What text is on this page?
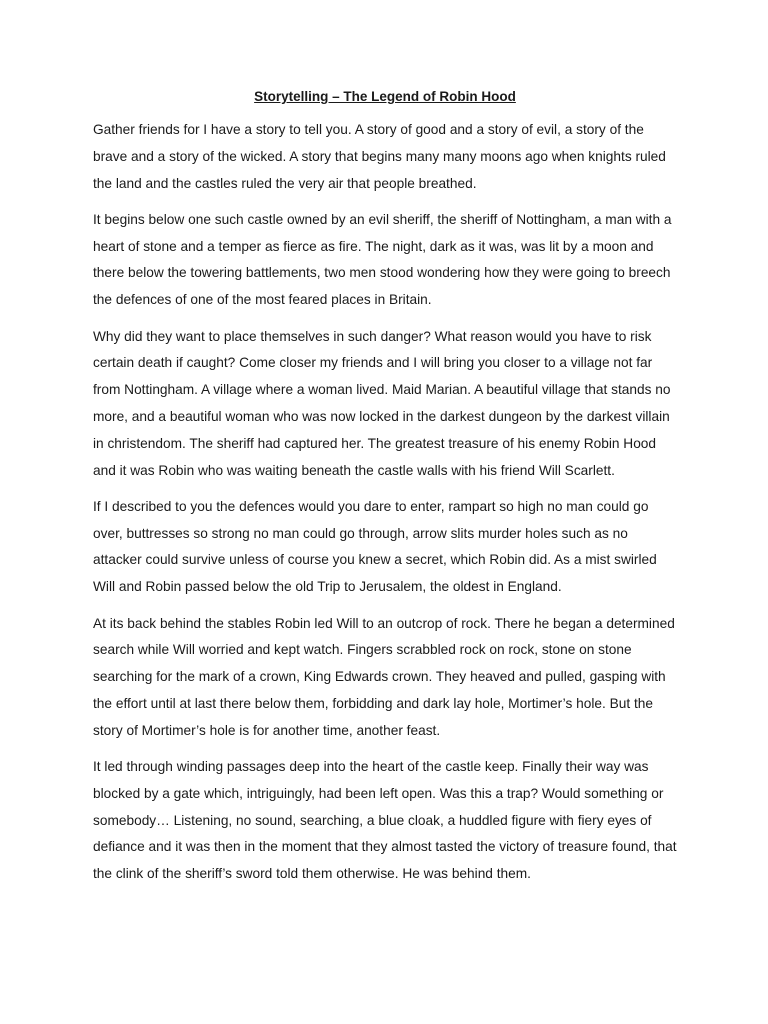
Storytelling – The Legend of Robin Hood

Gather friends for I have a story to tell you. A story of good and a story of evil, a story of the brave and a story of the wicked. A story that begins many many moons ago when knights ruled the land and the castles ruled the very air that people breathed.

It begins below one such castle owned by an evil sheriff, the sheriff of Nottingham, a man with a heart of stone and a temper as fierce as fire. The night, dark as it was, was lit by a moon and there below the towering battlements, two men stood wondering how they were going to breech the defences of one of the most feared places in Britain.

Why did they want to place themselves in such danger? What reason would you have to risk certain death if caught? Come closer my friends and I will bring you closer to a village not far from Nottingham. A village where a woman lived. Maid Marian. A beautiful village that stands no more, and a beautiful woman who was now locked in the darkest dungeon by the darkest villain in christendom. The sheriff had captured her. The greatest treasure of his enemy Robin Hood and it was Robin who was waiting beneath the castle walls with his friend Will Scarlett.

If I described to you the defences would you dare to enter, rampart so high no man could go over, buttresses so strong no man could go through, arrow slits murder holes such as no attacker could survive unless of course you knew a secret, which Robin did. As a mist swirled Will and Robin passed below the old Trip to Jerusalem, the oldest in England.

At its back behind the stables Robin led Will to an outcrop of rock. There he began a determined search while Will worried and kept watch. Fingers scrabbled rock on rock, stone on stone searching for the mark of a crown, King Edwards crown. They heaved and pulled, gasping with the effort until at last there below them, forbidding and dark lay hole, Mortimer’s hole. But the story of Mortimer’s hole is for another time, another feast.

It led through winding passages deep into the heart of the castle keep. Finally their way was blocked by a gate which, intriguingly, had been left open. Was this a trap? Would something or somebody… Listening, no sound, searching, a blue cloak, a huddled figure with fiery eyes of defiance and it was then in the moment that they almost tasted the victory of treasure found, that the clink of the sheriff’s sword told them otherwise. He was behind them.
